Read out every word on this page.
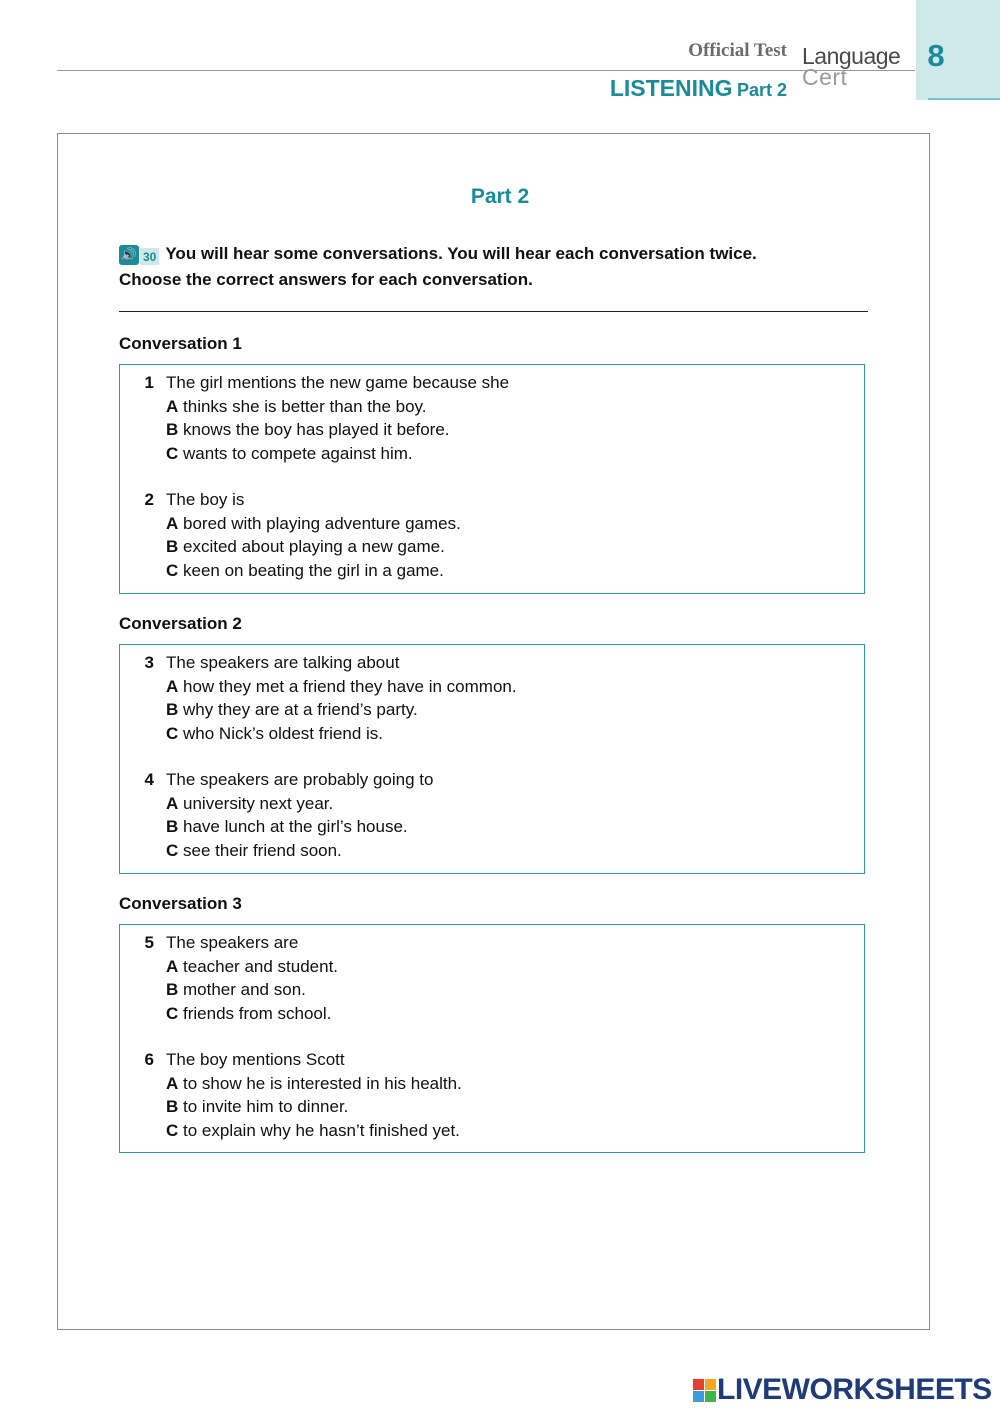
Official Test
LISTENING Part 2
Language
Cert
8
Part 2
🔊 30 You will hear some conversations. You will hear each conversation twice.
Choose the correct answers for each conversation.
Conversation 1
1 The girl mentions the new game because she
A thinks she is better than the boy.
B knows the boy has played it before.
C wants to compete against him.
2 The boy is
A bored with playing adventure games.
B excited about playing a new game.
C keen on beating the girl in a game.
Conversation 2
3 The speakers are talking about
A how they met a friend they have in common.
B why they are at a friend’s party.
C who Nick’s oldest friend is.
4 The speakers are probably going to
A university next year.
B have lunch at the girl’s house.
C see their friend soon.
Conversation 3
5 The speakers are
A teacher and student.
B mother and son.
C friends from school.
6 The boy mentions Scott
A to show he is interested in his health.
B to invite him to dinner.
C to explain why he hasn’t finished yet.
LIVEWORKSHEETS
